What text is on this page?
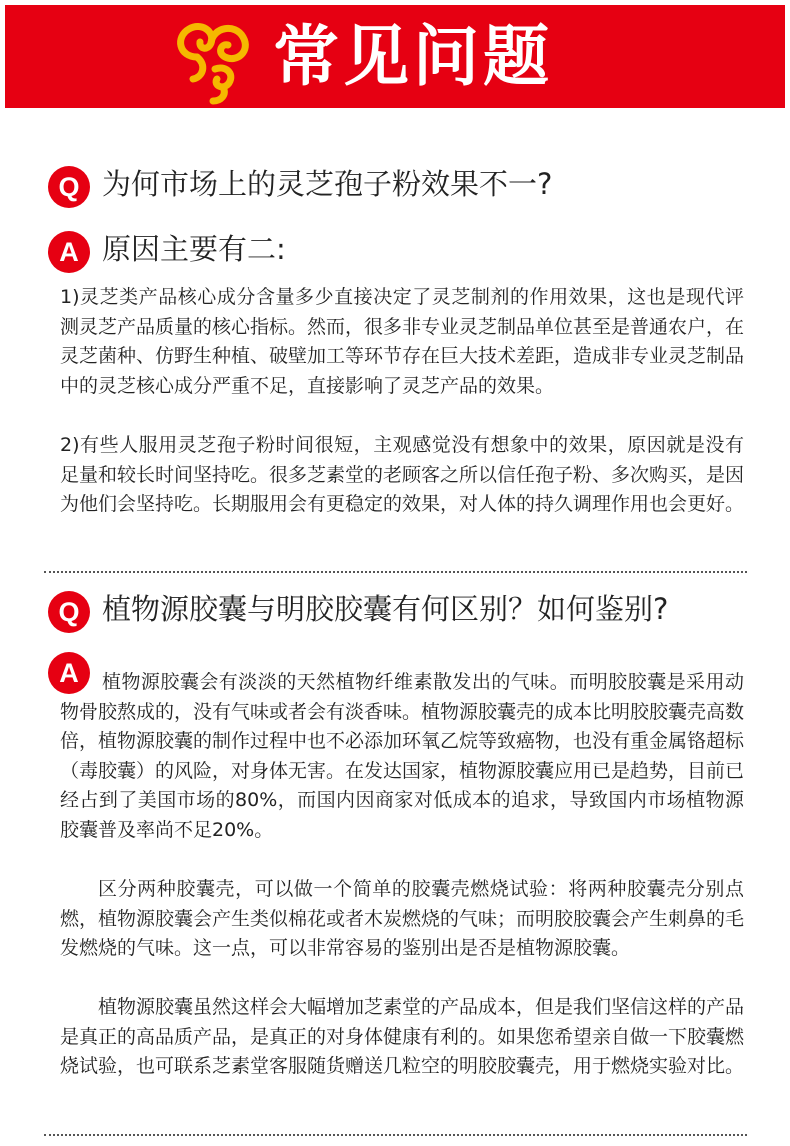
常见问题
Q 为何市场上的灵芝孢子粉效果不一?
A 原因主要有二:

1)灵芝类产品核心成分含量多少直接决定了灵芝制剂的作用效果，这也是现代评测灵芝产品质量的核心指标。然而，很多非专业灵芝制品单位甚至是普通农户，在灵芝菌种、仿野生种植、破壁加工等环节存在巨大技术差距，造成非专业灵芝制品中的灵芝核心成分严重不足，直接影响了灵芝产品的效果。

2)有些人服用灵芝孢子粉时间很短，主观感觉没有想象中的效果，原因就是没有足量和较长时间坚持吃。很多芝素堂的老顾客之所以信任孢子粉、多次购买，是因为他们会坚持吃。长期服用会有更稳定的效果，对人体的持久调理作用也会更好。

Q 植物源胶囊与明胶胶囊有何区别？如何鉴别?
A	植物源胶囊会有淡淡的天然植物纤维素散发出的气味。而明胶胶囊是采用动物骨胶熬成的，没有气味或者会有淡香味。植物源胶囊壳的成本比明胶胶囊壳高数倍，植物源胶囊的制作过程中也不必添加环氧乙烷等致癌物，也没有重金属铬超标（毒胶囊）的风险，对身体无害。在发达国家，植物源胶囊应用已是趋势，目前已经占到了美国市场的80%，而国内因商家对低成本的追求，导致国内市场植物源胶囊普及率尚不足20%。

区分两种胶囊壳，可以做一个简单的胶囊壳燃烧试验：将两种胶囊壳分别点燃，植物源胶囊会产生类似棉花或者木炭燃烧的气味；而明胶胶囊会产生刺鼻的毛发燃烧的气味。这一点，可以非常容易的鉴别出是否是植物源胶囊。

植物源胶囊虽然这样会大幅增加芝素堂的产品成本，但是我们坚信这样的产品是真正的高品质产品，是真正的对身体健康有利的。如果您希望亲自做一下胶囊燃烧试验，也可联系芝素堂客服随货赠送几粒空的明胶胶囊壳，用于燃烧实验对比。
